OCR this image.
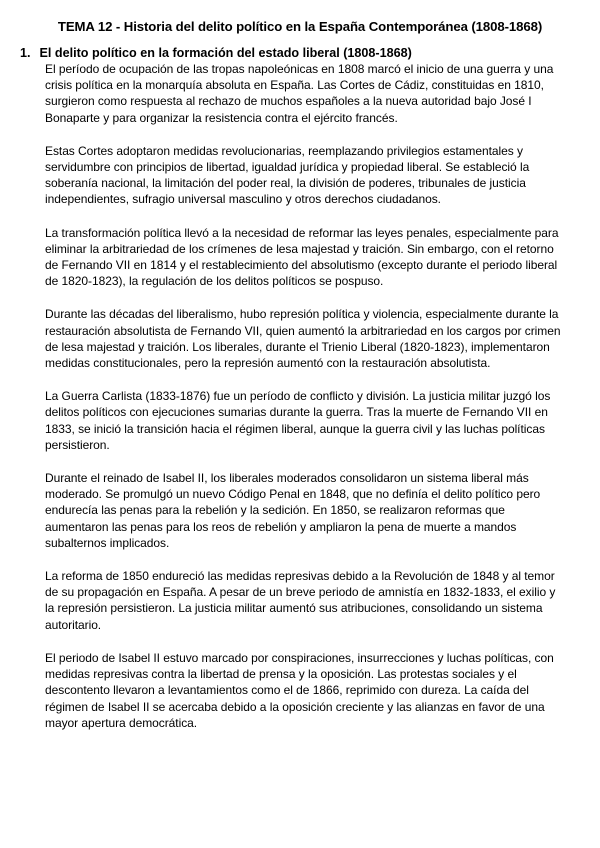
TEMA 12 - Historia del delito político en la España Contemporánea (1808-1868)
1. El delito político en la formación del estado liberal (1808-1868)

El período de ocupación de las tropas napoleónicas en 1808 marcó el inicio de una guerra y una crisis política en la monarquía absoluta en España. Las Cortes de Cádiz, constituidas en 1810, surgieron como respuesta al rechazo de muchos españoles a la nueva autoridad bajo José I Bonaparte y para organizar la resistencia contra el ejército francés.

Estas Cortes adoptaron medidas revolucionarias, reemplazando privilegios estamentales y servidumbre con principios de libertad, igualdad jurídica y propiedad liberal. Se estableció la soberanía nacional, la limitación del poder real, la división de poderes, tribunales de justicia independientes, sufragio universal masculino y otros derechos ciudadanos.

La transformación política llevó a la necesidad de reformar las leyes penales, especialmente para eliminar la arbitrariedad de los crímenes de lesa majestad y traición. Sin embargo, con el retorno de Fernando VII en 1814 y el restablecimiento del absolutismo (excepto durante el periodo liberal de 1820-1823), la regulación de los delitos políticos se pospuso.

Durante las décadas del liberalismo, hubo represión política y violencia, especialmente durante la restauración absolutista de Fernando VII, quien aumentó la arbitrariedad en los cargos por crimen de lesa majestad y traición. Los liberales, durante el Trienio Liberal (1820-1823), implementaron medidas constitucionales, pero la represión aumentó con la restauración absolutista.

La Guerra Carlista (1833-1876) fue un período de conflicto y división. La justicia militar juzgó los delitos políticos con ejecuciones sumarias durante la guerra. Tras la muerte de Fernando VII en 1833, se inició la transición hacia el régimen liberal, aunque la guerra civil y las luchas políticas persistieron.

Durante el reinado de Isabel II, los liberales moderados consolidaron un sistema liberal más moderado. Se promulgó un nuevo Código Penal en 1848, que no definía el delito político pero endurecía las penas para la rebelión y la sedición. En 1850, se realizaron reformas que aumentaron las penas para los reos de rebelión y ampliaron la pena de muerte a mandos subalternos implicados.

La reforma de 1850 endureció las medidas represivas debido a la Revolución de 1848 y al temor de su propagación en España. A pesar de un breve periodo de amnistía en 1832-1833, el exilio y la represión persistieron. La justicia militar aumentó sus atribuciones, consolidando un sistema autoritario.

El periodo de Isabel II estuvo marcado por conspiraciones, insurrecciones y luchas políticas, con medidas represivas contra la libertad de prensa y la oposición. Las protestas sociales y el descontento llevaron a levantamientos como el de 1866, reprimido con dureza. La caída del régimen de Isabel II se acercaba debido a la oposición creciente y las alianzas en favor de una mayor apertura democrática.
